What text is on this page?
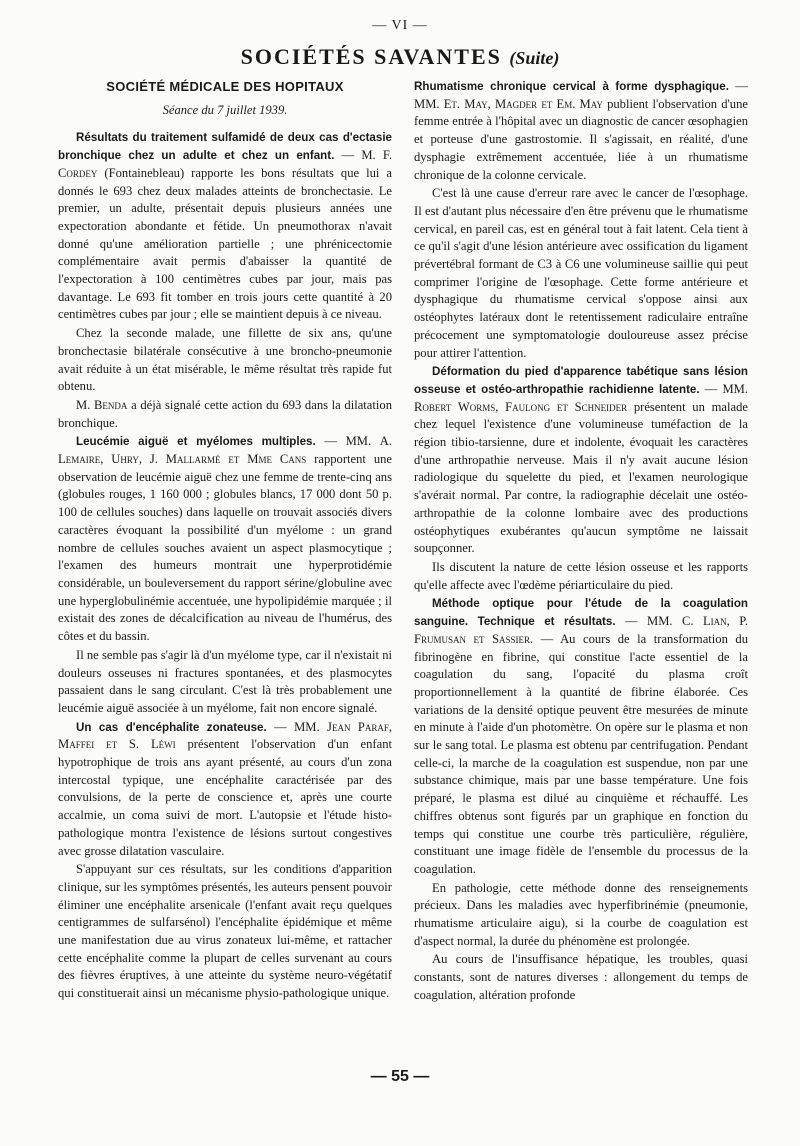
— VI —
SOCIÉTÉS SAVANTES (Suite)
SOCIÉTÉ MÉDICALE DES HOPITAUX
Séance du 7 juillet 1939.

Résultats du traitement sulfamidé de deux cas d'ectasie bronchique chez un adulte et chez un enfant. — M. F. Cordey (Fontainebleau) rapporte les bons résultats que lui a donnés le 693 chez deux malades atteints de bronchectasie. Le premier, un adulte, présentait depuis plusieurs années une expectoration abondante et fétide. Un pneumothorax n'avait donné qu'une amélioration partielle ; une phrénicectomie complémentaire avait permis d'abaisser la quantité de l'expectoration à 100 centimètres cubes par jour, mais pas davantage. Le 693 fit tomber en trois jours cette quantité à 20 centimètres cubes par jour ; elle se maintient depuis à ce niveau.

Chez la seconde malade, une fillette de six ans, qu'une bronchectasie bilatérale consécutive à une broncho-pneumonie avait réduite à un état misérable, le même résultat très rapide fut obtenu.

M. Benda a déjà signalé cette action du 693 dans la dilatation bronchique.

Leucémie aiguë et myélomes multiples. — MM. A. Lemaire, Uhry, J. Mallarmé et Mme Cans rapportent une observation de leucémie aiguë chez une femme de trente-cinq ans (globules rouges, 1 160 000 ; globules blancs, 17 000 dont 50 p. 100 de cellules souches) dans laquelle on trouvait associés divers caractères évoquant la possibilité d'un myélome : un grand nombre de cellules souches avaient un aspect plasmocytique ; l'examen des humeurs montrait une hyperprotidémie considérable, un bouleversement du rapport sérine/globuline avec une hyperglobulinémie accentuée, une hypolipidémie marquée ; il existait des zones de décalcification au niveau de l'humérus, des côtes et du bassin.

Il ne semble pas s'agir là d'un myélome type, car il n'existait ni douleurs osseuses ni fractures spontanées, et des plasmocytes passaient dans le sang circulant. C'est là très probablement une leucémie aiguë associée à un myélome, fait non encore signalé.

Un cas d'encéphalite zonateuse. — MM. Jean Paraf, Maffei et S. Léwi présentent l'observation d'un enfant hypotrophique de trois ans ayant présenté, au cours d'un zona intercostal typique, une encéphalite caractérisée par des convulsions, de la perte de conscience et, après une courte accalmie, un coma suivi de mort. L'autopsie et l'étude histo-pathologique montra l'existence de lésions surtout congestives avec grosse dilatation vasculaire.

S'appuyant sur ces résultats, sur les conditions d'apparition clinique, sur les symptômes présentés, les auteurs pensent pouvoir éliminer une encéphalite arsenicale (l'enfant avait reçu quelques centigrammes de sulfarsénol) l'encéphalite épidémique et même une manifestation due au virus zonateux lui-même, et rattacher cette encéphalite comme la plupart de celles survenant au cours des fièvres éruptives, à une atteinte du système neuro-végétatif qui constituerait ainsi un mécanisme physio-pathologique unique.

Rhumatisme chronique cervical à forme dysphagique. — MM. Et. May, Magder et Em. May publient l'observation d'une femme entrée à l'hôpital avec un diagnostic de cancer œsophagien et porteuse d'une gastrostomie. Il s'agissait, en réalité, d'une dysphagie extrêmement accentuée, liée à un rhumatisme chronique de la colonne cervicale.

C'est là une cause d'erreur rare avec le cancer de l'œsophage. Il est d'autant plus nécessaire d'en être prévenu que le rhumatisme cervical, en pareil cas, est en général tout à fait latent. Cela tient à ce qu'il s'agit d'une lésion antérieure avec ossification du ligament prévertébral formant de C3 à C6 une volumineuse saillie qui peut comprimer l'origine de l'œsophage. Cette forme antérieure et dysphagique du rhumatisme cervical s'oppose ainsi aux ostéophytes latéraux dont le retentissement radiculaire entraîne précocement une symptomatologie douloureuse assez précise pour attirer l'attention.

Déformation du pied d'apparence tabétique sans lésion osseuse et ostéo-arthropathie rachidienne latente. — MM. Robert Worms, Faulong et Schneider présentent un malade chez lequel l'existence d'une volumineuse tuméfaction de la région tibio-tarsienne, dure et indolente, évoquait les caractères d'une arthropathie nerveuse. Mais il n'y avait aucune lésion radiologique du squelette du pied, et l'examen neurologique s'avérait normal. Par contre, la radiographie décelait une ostéo-arthropathie de la colonne lombaire avec des productions ostéophytiques exubérantes qu'aucun symptôme ne laissait soupçonner.

Ils discutent la nature de cette lésion osseuse et les rapports qu'elle affecte avec l'œdème périarticulaire du pied.

Méthode optique pour l'étude de la coagulation sanguine. Technique et résultats. — MM. C. Lian, P. Frumusan et Sassier. — Au cours de la transformation du fibrinogène en fibrine, qui constitue l'acte essentiel de la coagulation du sang, l'opacité du plasma croît proportionnellement à la quantité de fibrine élaborée. Ces variations de la densité optique peuvent être mesurées de minute en minute à l'aide d'un photomètre. On opère sur le plasma et non sur le sang total. Le plasma est obtenu par centrifugation. Pendant celle-ci, la marche de la coagulation est suspendue, non par une substance chimique, mais par une basse température. Une fois préparé, le plasma est dilué au cinquième et réchauffé. Les chiffres obtenus sont figurés par un graphique en fonction du temps qui constitue une courbe très particulière, régulière, constituant une image fidèle de l'ensemble du processus de la coagulation.

En pathologie, cette méthode donne des renseignements précieux. Dans les maladies avec hyperfibrinémie (pneumonie, rhumatisme articulaire aigu), si la courbe de coagulation est d'aspect normal, la durée du phénomène est prolongée.

Au cours de l'insuffisance hépatique, les troubles, quasi constants, sont de natures diverses : allongement du temps de coagulation, altération profonde

— 55 —
